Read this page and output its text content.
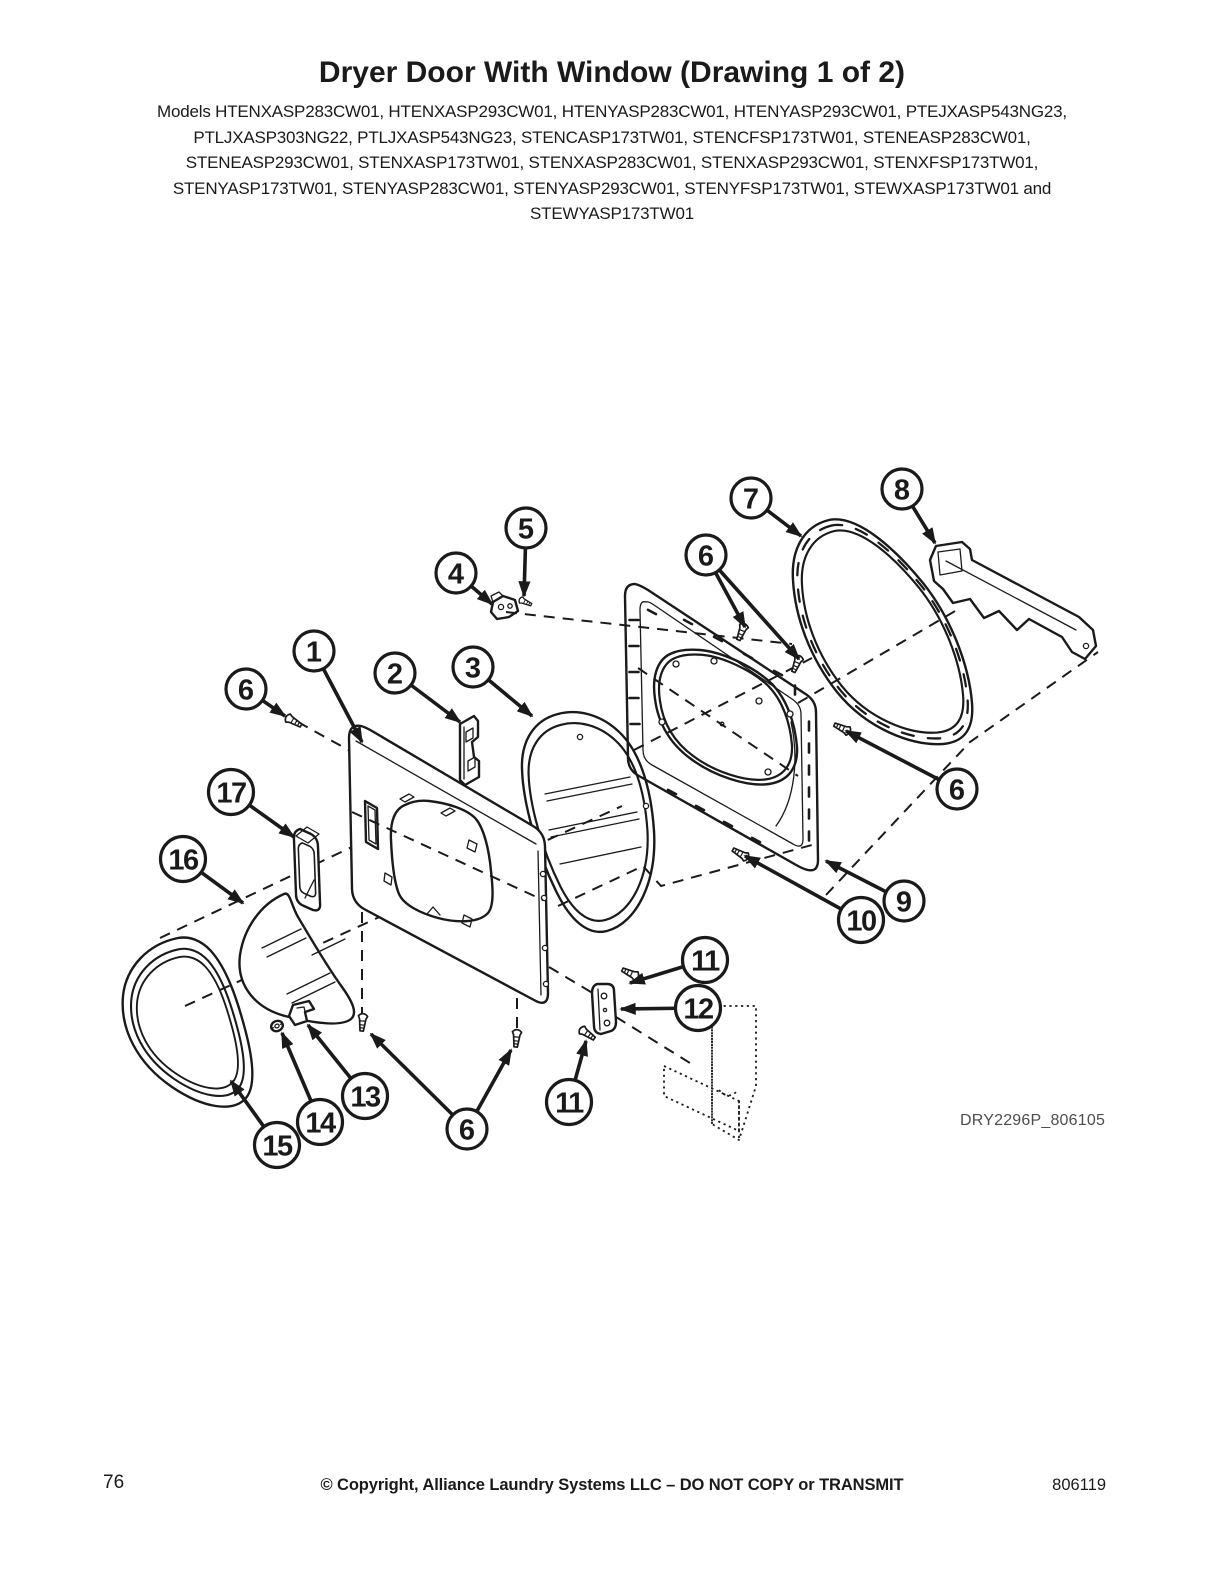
Dryer Door With Window (Drawing 1 of 2)
Models HTENXASP283CW01, HTENXASP293CW01, HTENYASP283CW01, HTENYASP293CW01, PTEJXASP543NG23,
PTLJXASP303NG22, PTLJXASP543NG23, STENCASP173TW01, STENCFSP173TW01, STENEASP283CW01,
STENEASP293CW01, STENXASP173TW01, STENXASP283CW01, STENXASP293CW01, STENXFSP173TW01,
STENYASP173TW01, STENYASP283CW01, STENYASP293CW01, STENYFSP173TW01, STEWXASP173TW01 and
STEWYASP173TW01
1
2 3
4
5
6
6
6
6
7	8
9
10
11
11
12
13
14
15
16
17
DRY2296P_806105
76	© Copyright, Alliance Laundry Systems LLC – DO NOT COPY or TRANSMIT	806119
